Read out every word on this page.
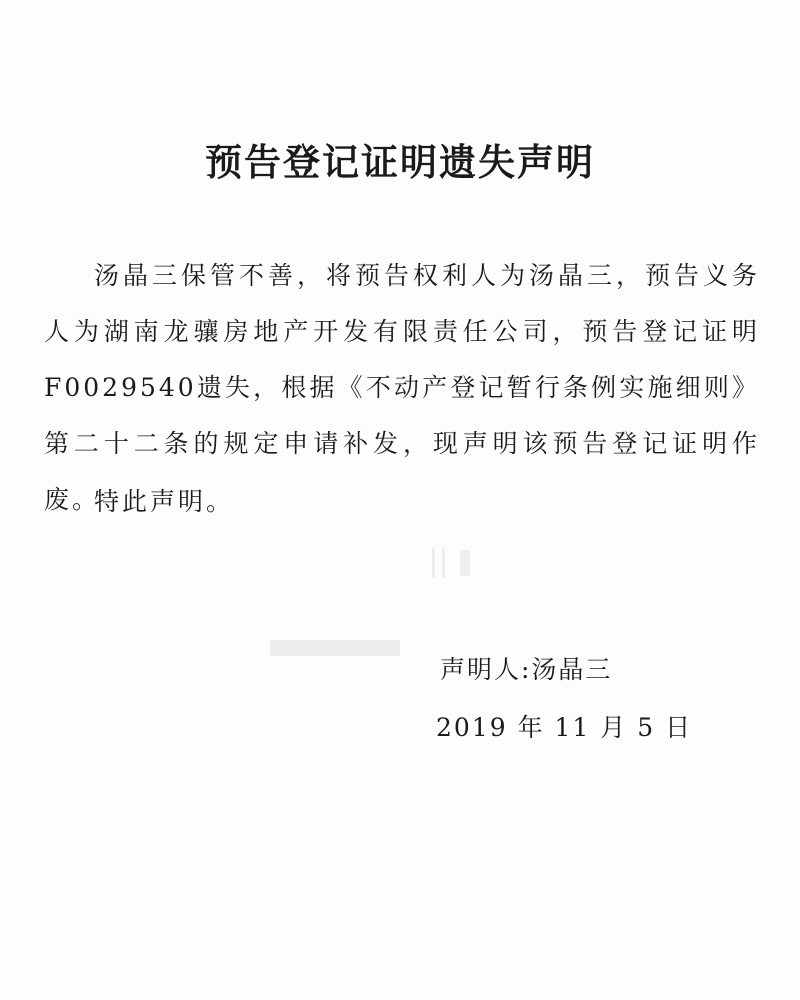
预告登记证明遗失声明

汤晶三保管不善，将预告权利人为汤晶三，预告义务人为湖南龙骧房地产开发有限责任公司，预告登记证明F0029540遗失，根据《不动产登记暂行条例实施细则》第二十二条的规定申请补发，现声明该预告登记证明作废。

特此声明。

声明人:汤晶三
2019 年 11 月 5 日
